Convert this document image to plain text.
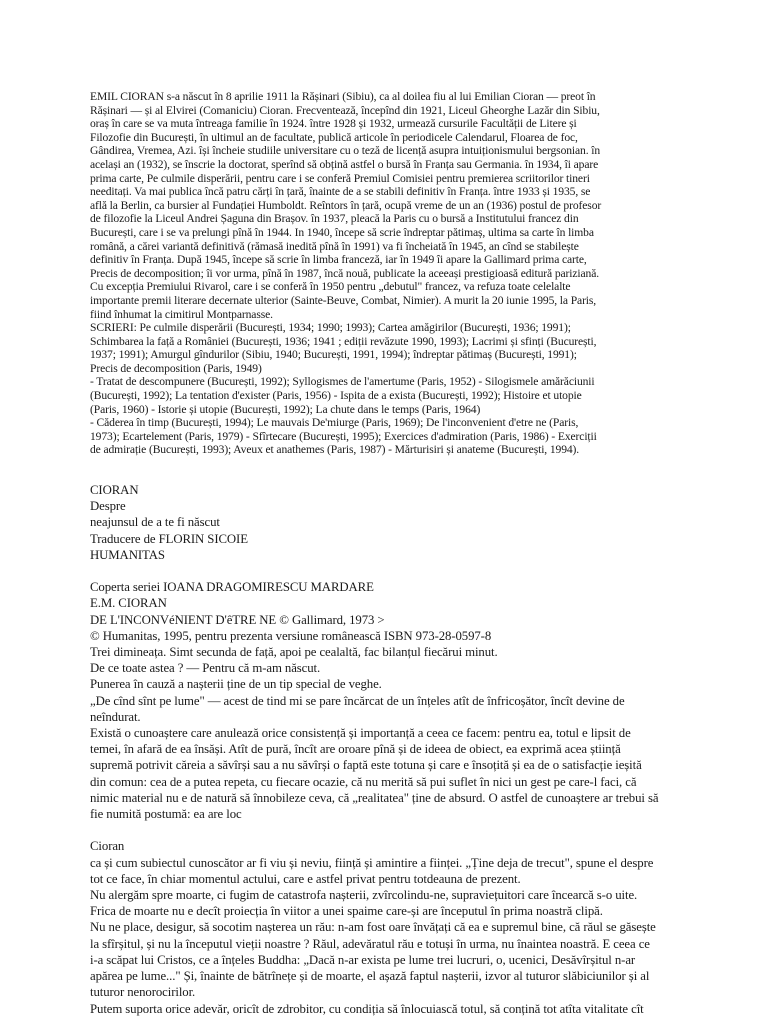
EMIL CIORAN s-a născut în 8 aprilie 1911 la Rășinari (Sibiu), ca al doilea fiu al lui Emilian Cioran — preot în
Rășinari — și al Elvirei (Comaniciu) Cioran. Frecventează, începînd din 1921, Liceul Gheorghe Lazăr din Sibiu,
oraș în care se va muta întreaga familie în 1924. între 1928 și 1932, urmează cursurile Facultății de Litere și
Filozofie din București, în ultimul an de facultate, publică articole în periodicele Calendarul, Floarea de foc,
Gândirea, Vremea, Azi. își încheie studiile universitare cu o teză de licență asupra intuiționismului bergsonian. în
același an (1932), se înscrie la doctorat, sperînd să obțină astfel o bursă în Franța sau Germania. în 1934, îi apare
prima carte, Pe culmile disperării, pentru care i se conferă Premiul Comisiei pentru premierea scriitorilor tineri
needitați. Va mai publica încă patru cărți în țară, înainte de a se stabili definitiv în Franța. între 1933 și 1935, se
află la Berlin, ca bursier al Fundației Humboldt. Reîntors în țară, ocupă vreme de un an (1936) postul de profesor
de filozofie la Liceul Andrei Șaguna din Brașov. în 1937, pleacă la Paris cu o bursă a Institutului francez din
București, care i se va prelungi pînă în 1944. In 1940, începe să scrie îndreptar pătimaș, ultima sa carte în limba
română, a cărei variantă definitivă (rămasă inedită pînă în 1991) va fi încheiată în 1945, an cînd se stabilește
definitiv în Franța. După 1945, începe să scrie în limba franceză, iar în 1949 îi apare la Gallimard prima carte,
Precis de decomposition; îi vor urma, pînă în 1987, încă nouă, publicate la aceeași prestigioasă editură pariziană.
Cu excepția Premiului Rivarol, care i se conferă în 1950 pentru „debutul" francez, va refuza toate celelalte
importante premii literare decernate ulterior (Sainte-Beuve, Combat, Nimier). A murit la 20 iunie 1995, la Paris,
fiind înhumat la cimitirul Montparnasse.
SCRIERI: Pe culmile disperării (București, 1934; 1990; 1993); Cartea amăgirilor (București, 1936; 1991);
Schimbarea la față a României (București, 1936; 1941 ; ediții revăzute 1990, 1993); Lacrimi și sfinți (București,
1937; 1991); Amurgul gîndurilor (Sibiu, 1940; București, 1991, 1994); îndreptar pătimaș (București, 1991);
Precis de decomposition (Paris, 1949)
- Tratat de descompunere (București, 1992); Syllogismes de l'amertume (Paris, 1952) - Silogismele amărăciunii
(București, 1992); La tentation d'exister (Paris, 1956) - Ispita de a exista (București, 1992); Histoire et utopie
(Paris, 1960) - Istorie și utopie (București, 1992); La chute dans le temps (Paris, 1964)
- Căderea în timp (București, 1994); Le mauvais De'miurge (Paris, 1969); De l'inconvenient d'etre ne (Paris,
1973); Ecartelement (Paris, 1979) - Sfîrtecare (București, 1995); Exercices d'admiration (Paris, 1986) - Exerciții
de admirație (București, 1993); Aveux et anathemes (Paris, 1987) - Mărturisiri și anateme (București, 1994).
CIORAN
Despre
neajunsul de a te fi născut
Traducere de FLORIN SICOIE
HUMANITAS

Coperta seriei IOANA DRAGOMIRESCU MARDARE
E.M. CIORAN
DE L'INCONVéNIENT D'êTRE NE © Gallimard, 1973 >
© Humanitas, 1995, pentru prezenta versiune românească ISBN 973-28-0597-8
Trei dimineața. Simt secunda de față, apoi pe cealaltă, fac bilanțul fiecărui minut.
De ce toate astea ? — Pentru că m-am născut.
Punerea în cauză a nașterii ține de un tip special de veghe.
„De cînd sînt pe lume" — acest de tind mi se pare încărcat de un înțeles atît de înfricoșător, încît devine de
neîndurat.
Există o cunoaștere care anulează orice consistență și importanță a ceea ce facem: pentru ea, totul e lipsit de
temei, în afară de ea însăși. Atît de pură, încît are oroare pînă și de ideea de obiect, ea exprimă acea știință
supremă potrivit căreia a săvîrși sau a nu săvîrși o faptă este totuna și care e însoțită și ea de o satisfacție ieșită
din comun: cea de a putea repeta, cu fiecare ocazie, că nu merită să pui suflet în nici un gest pe care-l faci, că
nimic material nu e de natură să înnobileze ceva, că „realitatea" ține de absurd. O astfel de cunoaștere ar trebui să
fie numită postumă: ea are loc

Cioran
ca și cum subiectul cunoscător ar fi viu și neviu, ființă și amintire a ființei. „Ține deja de trecut", spune el despre
tot ce face, în chiar momentul actului, care e astfel privat pentru totdeauna de prezent.
Nu alergăm spre moarte, ci fugim de catastrofa nașterii, zvîrcolindu-ne, supraviețuitori care încearcă s-o uite.
Frica de moarte nu e decît proiecția în viitor a unei spaime care-și are începutul în prima noastră clipă.
Nu ne place, desigur, să socotim nașterea un rău: n-am fost oare învățați că ea e supremul bine, că răul se găsește
la sfîrșitul, și nu la începutul vieții noastre ? Răul, adevăratul rău e totuși în urma, nu înaintea noastră. E ceea ce
i-a scăpat lui Cristos, ce a înțeles Buddha: „Dacă n-ar exista pe lume trei lucruri, o, ucenici, Desăvîrșitul n-ar
apărea pe lume..." Și, înainte de bătrînețe și de moarte, el așază faptul nașterii, izvor al tuturor slăbiciunilor și al
tuturor nenorocirilor.
Putem suporta orice adevăr, oricît de zdrobitor, cu condiția să înlocuiască totul, să conțină tot atîta vitalitate cît
